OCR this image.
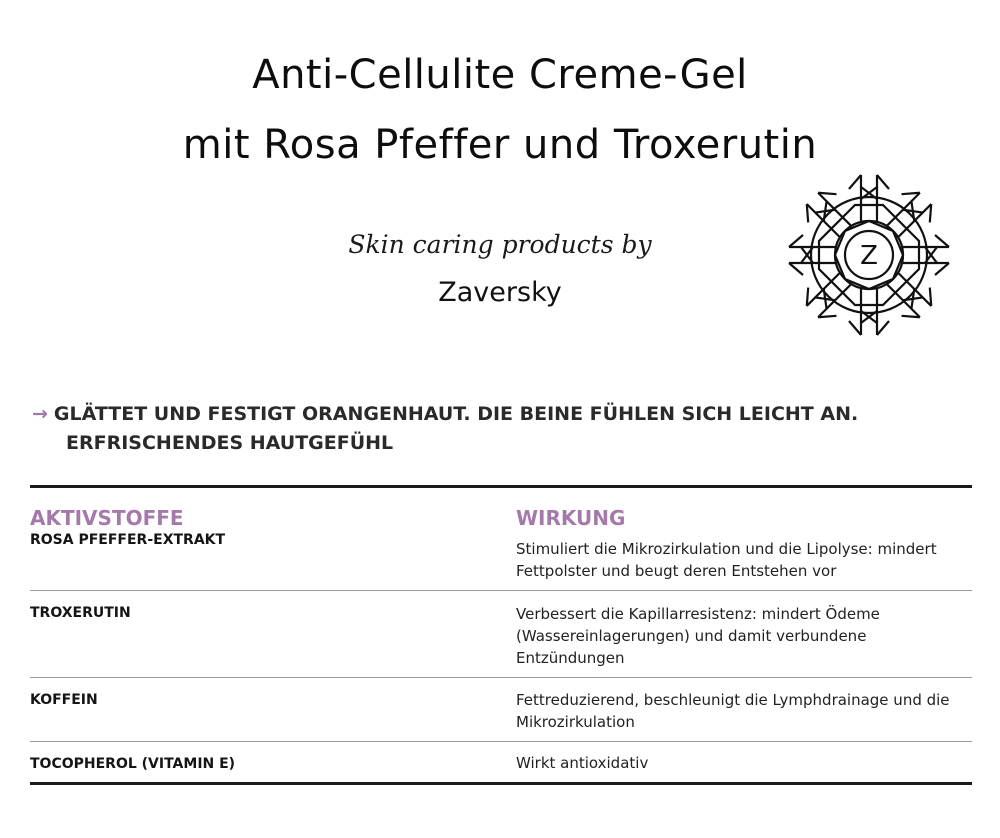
Anti-Cellulite Creme-Gel
mit Rosa Pfeffer und Troxerutin
Skin caring products by
Zaversky
Z
→ GLÄTTET UND FESTIGT ORANGENHAUT. DIE BEINE FÜHLEN SICH LEICHT AN.
ERFRISCHENDES HAUTGEFÜHL
AKTIVSTOFFE	WIRKUNG
ROSA PFEFFER-EXTRAKT	Stimuliert die Mikrozirkulation und die Lipolyse: mindert Fettpolster und beugt deren Entstehen vor
TROXERUTIN	Verbessert die Kapillarresistenz: mindert Ödeme (Wassereinlagerungen) und damit verbundene Entzündungen
KOFFEIN	Fettreduzierend, beschleunigt die Lymphdrainage und die Mikrozirkulation
TOCOPHEROL (VITAMIN E)	Wirkt antioxidativ
